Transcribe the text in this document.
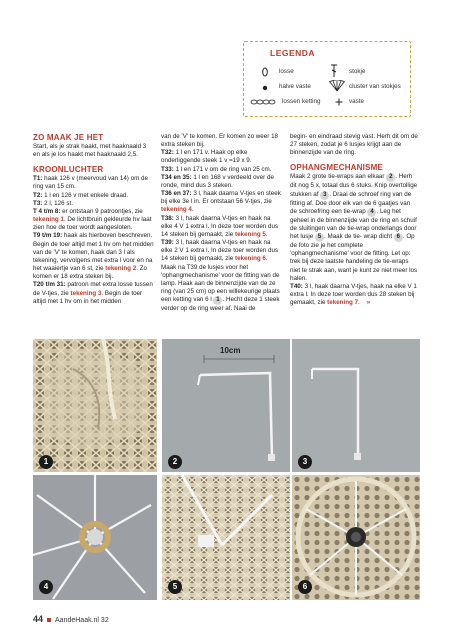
LEGENDA
losse
halve vaste
lossen ketting
stokje
cluster van stokjes
vaste
ZO MAAK JE HET

Start, als je strak haakt, met haaknaald 3 en als je los haakt met haaknaald 2,5.

KROONLUCHTER

T1: haak 126 v (meervoud van 14) om de ring van 15 cm.

T2: 1 l en 126 v met enkele draad.

T3: 2 l, 126 st.

T 4 t/m 8: er ontstaan 9 patroontjes, zie tekening 1. De lichtbruin gekleurde hv laat zien hoe de toer wordt aangesloten.

T9 t/m 19: haak als hierboven beschreven. Begin de toer altijd met 1 hv om het midden van de 'V' te komen, haak dan 3 l als tekening, vervolgens met extra l voor en na het waaiertje van 6 st, zie tekening 2. Zo komen er 18 extra steken bij.

T20 t/m 31: patroon met extra losse tussen de V-tjes, zie tekening 3. Begin de toer altijd met 1 hv om in het midden

van de 'V' te komen. Er komen zo weer 18 extra steken bij.

T32: 1 l en 171 v. Haak op elke onderliggende steek 1 v =19 x 9.

T33: 1 l en 171 v om de ring van 25 cm.

T34 en 35: 1 l en 168 v verdeeld over de ronde, mind dus 3 steken.

T36 en 37: 3 l, haak daarna V-tjes en steek bij elke 3e l in. Er ontstaan 56 V-tjes, zie tekening 4.

T38: 3 l, haak daarna V-tjes en haak na elke 4 V 1 extra l. In deze toer worden dus 14 steken bij gemaakt, zie tekening 5.

T39: 3 l, haak daarna V-tjes en haak na elke 2 V 1 extra l. In deze toer worden dus 14 steken bij gemaakt, zie tekening 6.

Maak na T39 de lusjes voor het 'ophangmechanisme' voor de fitting van de lamp. Haak aan de binnenzijde van de ze ring (van 25 cm) op een willekeurige plaats een ketting van 6 l 1 . Hecht deze 1 steek verder op de ring weer af. Naai de

begin- en eindraad stevig vast. Herh dit om de 27 steken, zodat je 6 lusjes krijgt aan de binnenzijde van de ring.

OPHANGMECHANISME

Maak 2 grote tie-wraps aan elkaar 2 . Herh dit nog 5 x, totaal dus 6 stuks. Knip overtollige stukken af 3 . Draai de schroef ring van de fitting af. Doe door elk van de 6 gaatjes van de schroefring een tie-wrap 4 . Leg het geheel in de binnenzijde van de ring en schuif de sluitingen van de tie-wrap onderlangs door het lusje 5 . Maak de tie- wrap dicht 6 . Op de foto zie je het complete 'ophangmechanisme' voor de fitting. Let op: trek bij deze laatste handeling de tie-wraps niet te strak aan, want je kunt ze niet meer los halen.

T40: 3 l, haak daarna V-tjes, haak na elke V 1 extra l. In deze toer worden dus 28 steken bij gemaakt, zie tekening 7. »

1
10cm
2	3
4	5	6
44 AandeHaak.nl 32
